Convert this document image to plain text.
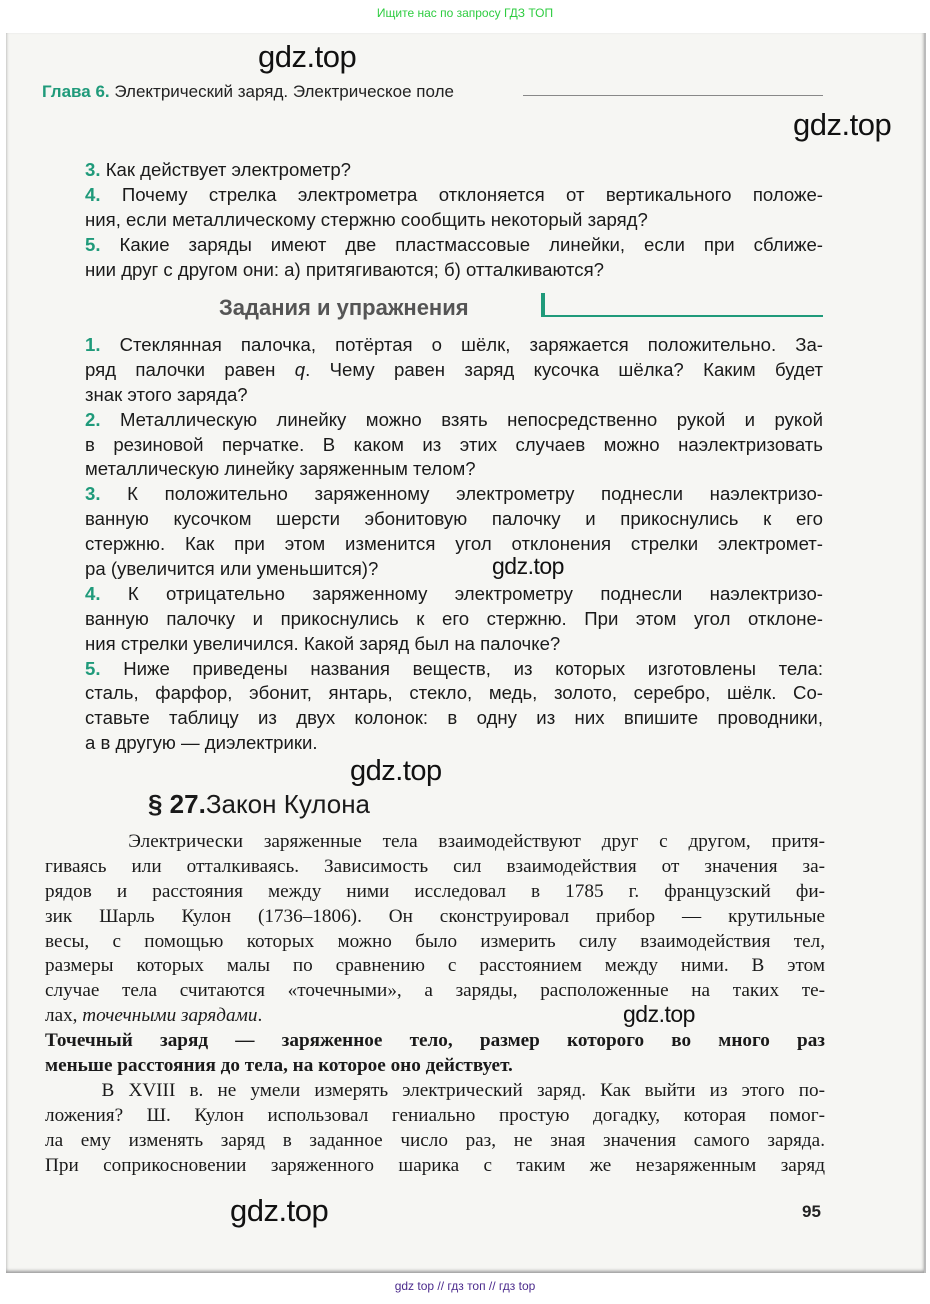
Ищите нас по запросу ГДЗ ТОП
gdz.top
Глава 6. Электрический заряд. Электрическое поле
gdz.top
3. Как действует электрометр?
4. Почему стрелка электрометра отклоняется от вертикального положе-
ния, если металлическому стержню сообщить некоторый заряд?
5. Какие заряды имеют две пластмассовые линейки, если при сближе-
нии друг с другом они: а) притягиваются; б) отталкиваются?
Задания и упражнения
1. Стеклянная палочка, потёртая о шёлк, заряжается положительно. За-
ряд палочки равен q. Чему равен заряд кусочка шёлка? Каким будет
знак этого заряда?
2. Металлическую линейку можно взять непосредственно рукой и рукой
в резиновой перчатке. В каком из этих случаев можно наэлектризовать
металлическую линейку заряженным телом?
3. К положительно заряженному электрометру поднесли наэлектризо-
ванную кусочком шерсти эбонитовую палочку и прикоснулись к его
стержню. Как при этом изменится угол отклонения стрелки электромет-
ра (увеличится или уменьшится)?
4. К отрицательно заряженному электрометру поднесли наэлектризо-
ванную палочку и прикоснулись к его стержню. При этом угол отклоне-
ния стрелки увеличился. Какой заряд был на палочке?
5. Ниже приведены названия веществ, из которых изготовлены тела:
сталь, фарфор, эбонит, янтарь, стекло, медь, золото, серебро, шёлк. Со-
ставьте таблицу из двух колонок: в одну из них впишите проводники,
а в другую — диэлектрики.
gdz.top
gdz.top
§ 27.Закон Кулона
Электрически заряженные тела взаимодействуют друг с другом, притя-
гиваясь или отталкиваясь. Зависимость сил взаимодействия от значения за-
рядов и расстояния между ними исследовал в 1785 г. французский фи-
зик Шарль Кулон (1736–1806). Он сконструировал прибор — крутильные
весы, с помощью которых можно было измерить силу взаимодействия тел,
размеры которых малы по сравнению с расстоянием между ними. В этом
случае тела считаются «точечными», а заряды, расположенные на таких те-
лах, точечными зарядами.
Точечный заряд — заряженное тело, размер которого во много раз
меньше расстояния до тела, на которое оно действует.
В XVIII в. не умели измерять электрический заряд. Как выйти из этого по-
ложения? Ш. Кулон использовал гениально простую догадку, которая помог-
ла ему изменять заряд в заданное число раз, не зная значения самого заряда.
При соприкосновении заряженного шарика с таким же незаряженным заряд
gdz.top
gdz.top	95
gdz top // гдз топ // гдз top
